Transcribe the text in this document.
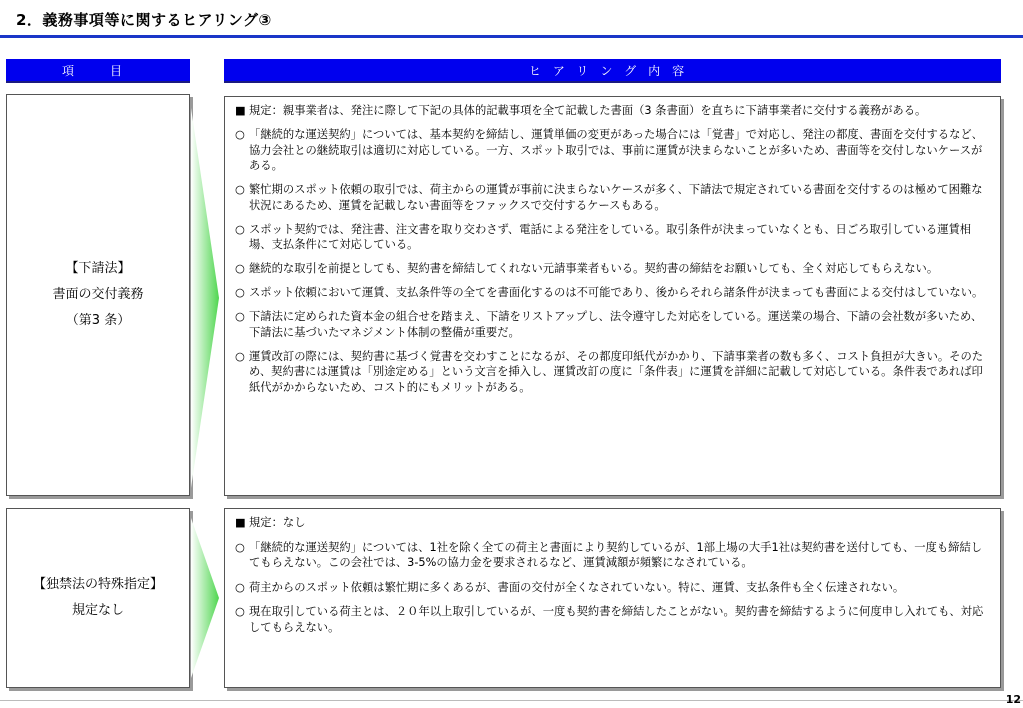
2．義務事項等に関するヒアリング③
項　目	ヒアリング内容
【下請法】
書面の交付義務
（第3 条）
■ 規定：親事業者は、発注に際して下記の具体的記載事項を全て記載した書面（3 条書面）を直ちに下請事業者に交付する義務がある。
○ 「継続的な運送契約」については、基本契約を締結し、運賃単価の変更があった場合には「覚書」で対応し、発注の都度、書面を交付するなど、協力会社との継続取引は適切に対応している。一方、スポット取引では、事前に運賃が決まらないことが多いため、書面等を交付しないケースがある。
○ 繁忙期のスポット依頼の取引では、荷主からの運賃が事前に決まらないケースが多く、下請法で規定されている書面を交付するのは極めて困難な状況にあるため、運賃を記載しない書面等をファックスで交付するケースもある。
○ スポット契約では、発注書、注文書を取り交わさず、電話による発注をしている。取引条件が決まっていなくとも、日ごろ取引している運賃相場、支払条件にて対応している。
○ 継続的な取引を前提としても、契約書を締結してくれない元請事業者もいる。契約書の締結をお願いしても、全く対応してもらえない。
○ スポット依頼において運賃、支払条件等の全てを書面化するのは不可能であり、後からそれら諸条件が決まっても書面による交付はしていない。
○ 下請法に定められた資本金の組合せを踏まえ、下請をリストアップし、法令遵守した対応をしている。運送業の場合、下請の会社数が多いため、下請法に基づいたマネジメント体制の整備が重要だ。
○ 運賃改訂の際には、契約書に基づく覚書を交わすことになるが、その都度印紙代がかかり、下請事業者の数も多く、コスト負担が大きい。そのため、契約書には運賃は「別途定める」という文言を挿入し、運賃改訂の度に「条件表」に運賃を詳細に記載して対応している。条件表であれば印紙代がかからないため、コスト的にもメリットがある。
【独禁法の特殊指定】
規定なし
■ 規定：なし
○ 「継続的な運送契約」については、1社を除く全ての荷主と書面により契約しているが、1部上場の大手1社は契約書を送付しても、一度も締結してもらえない。この会社では、3-5%の協力金を要求されるなど、運賃減額が頻繁になされている。
○ 荷主からのスポット依頼は繁忙期に多くあるが、書面の交付が全くなされていない。特に、運賃、支払条件も全く伝達されない。
○ 現在取引している荷主とは、２０年以上取引しているが、一度も契約書を締結したことがない。契約書を締結するように何度申し入れても、対応してもらえない。
12
